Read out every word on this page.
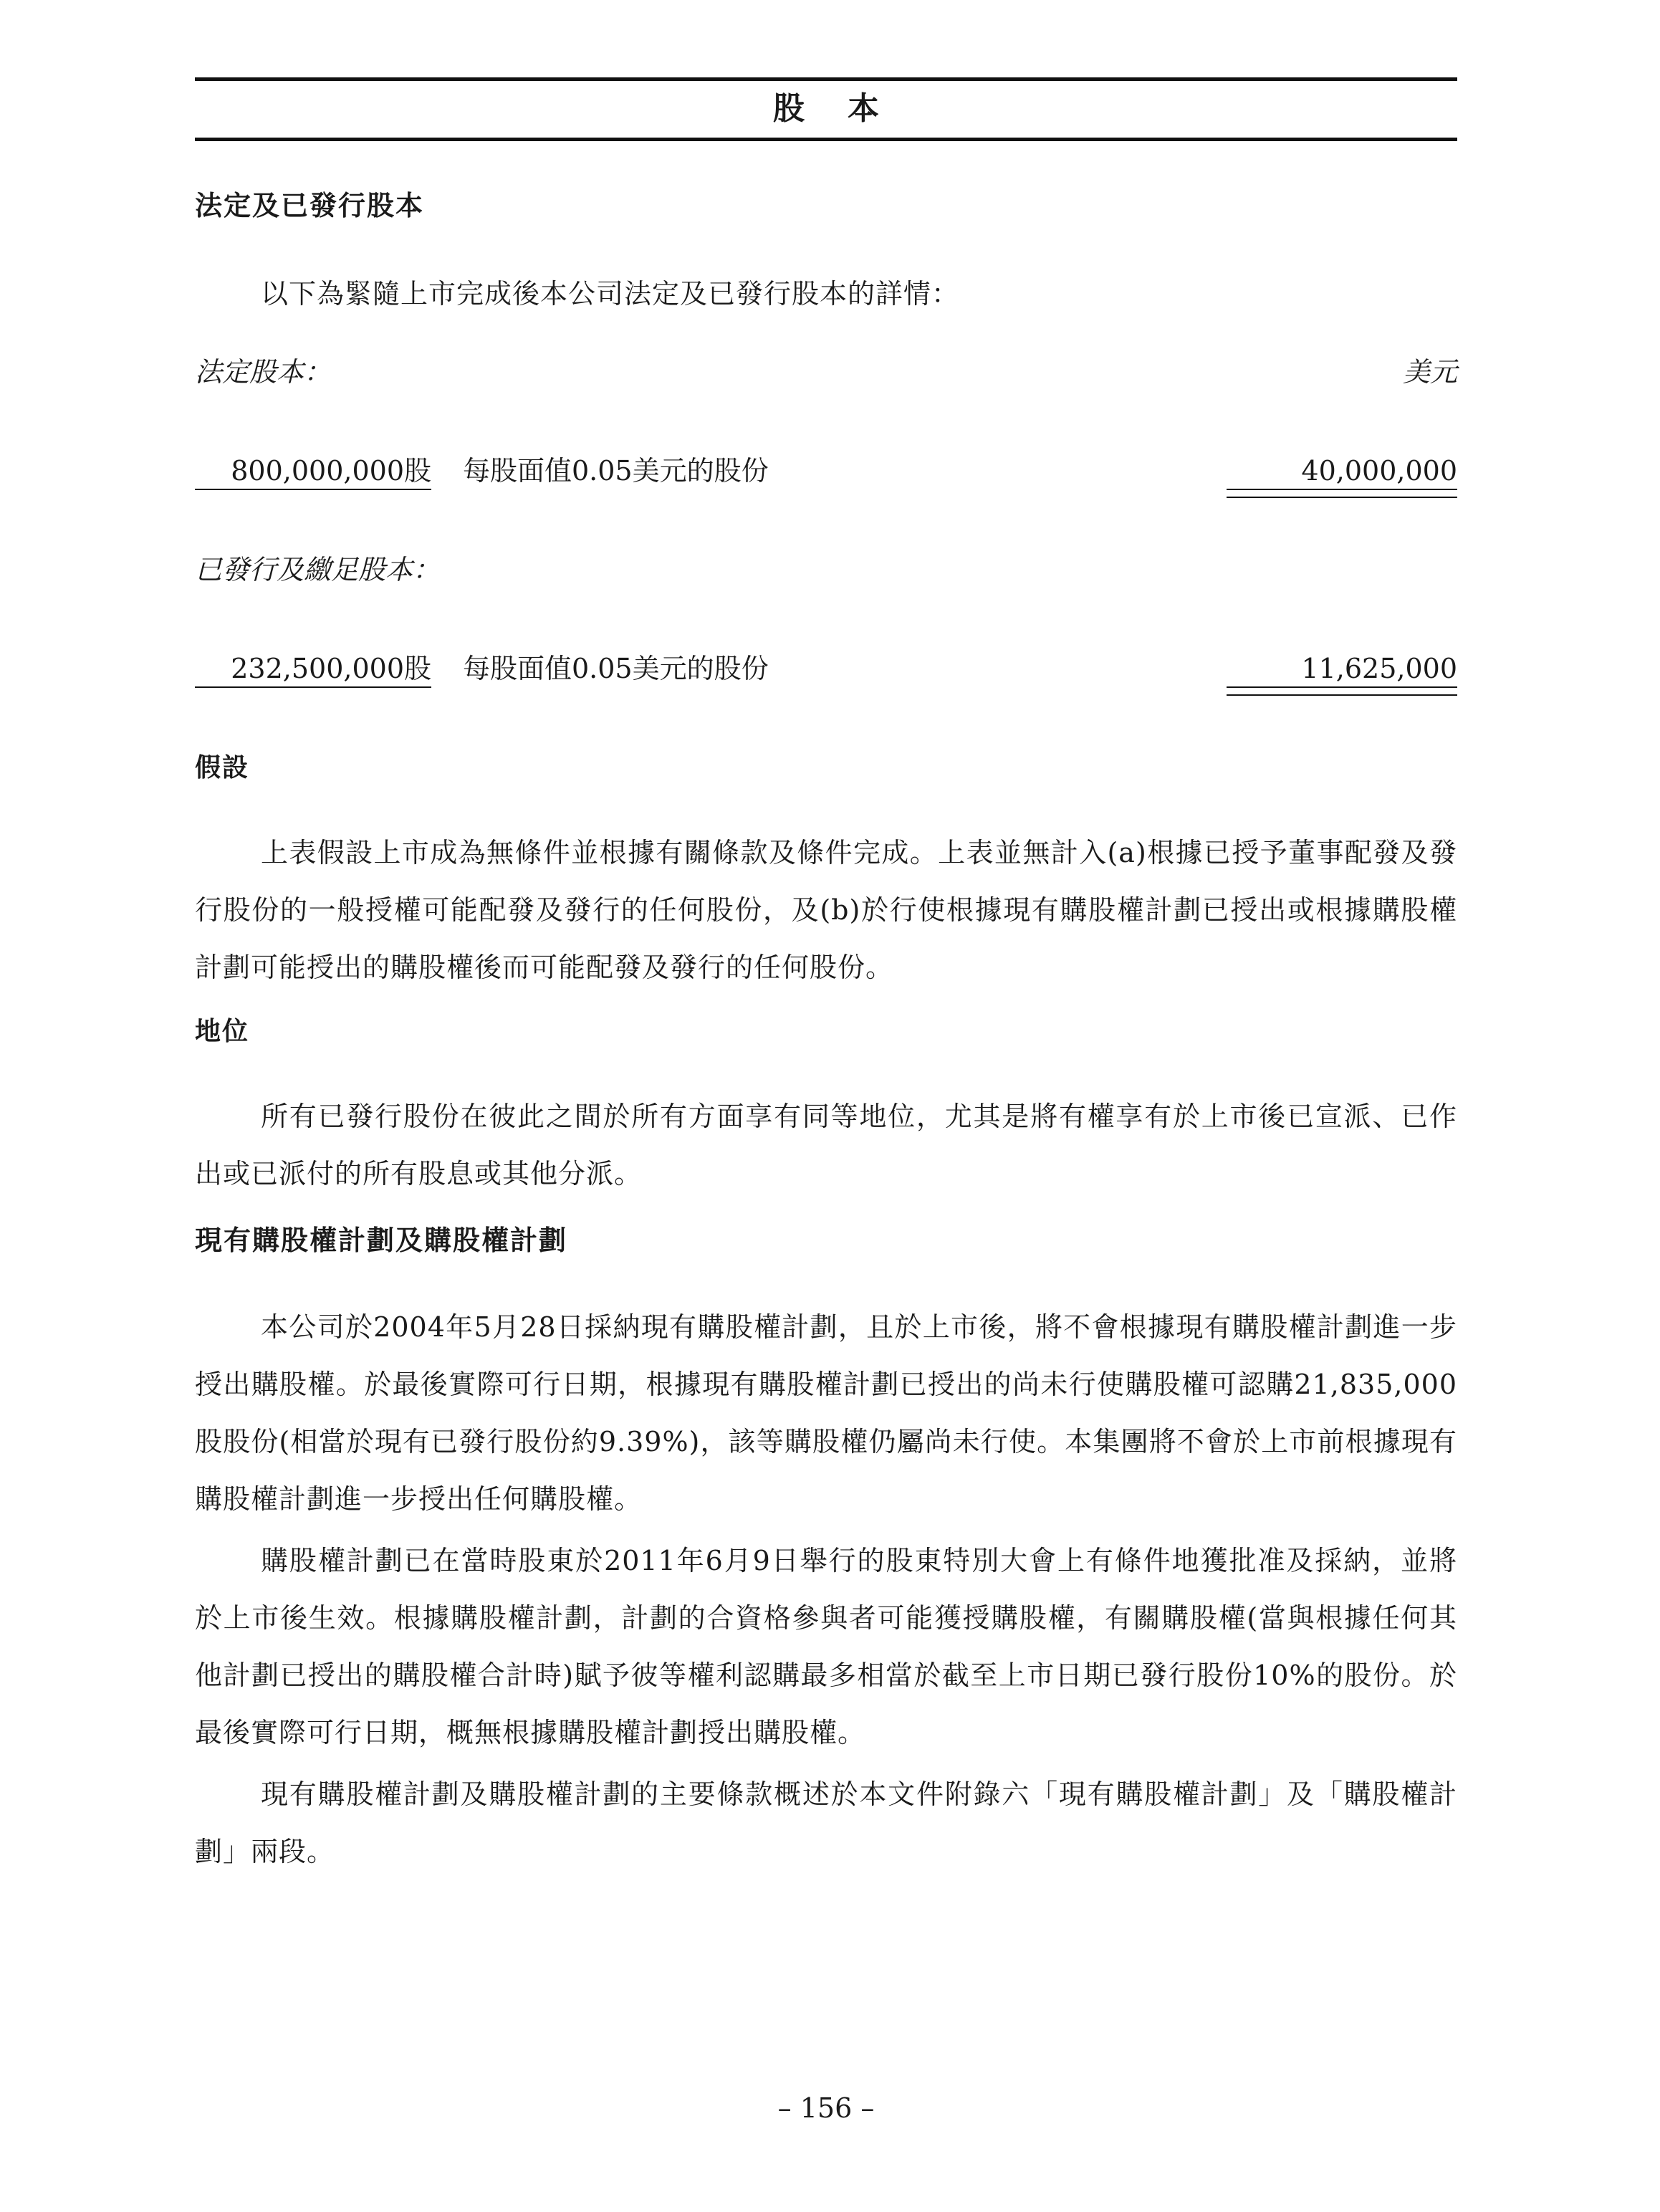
股本
法定及已發行股本

以下為緊隨上市完成後本公司法定及已發行股本的詳情：

法定股本：	美元
800,000,000股 每股面值0.05美元的股份	40,000,000
已發行及繳足股本：
232,500,000股 每股面值0.05美元的股份	11,625,000
假設

上表假設上市成為無條件並根據有關條款及條件完成。上表並無計入(a)根據已授予董事配發及發行股份的一般授權可能配發及發行的任何股份，及(b)於行使根據現有購股權計劃已授出或根據購股權計劃可能授出的購股權後而可能配發及發行的任何股份。

地位

所有已發行股份在彼此之間於所有方面享有同等地位，尤其是將有權享有於上市後已宣派、已作出或已派付的所有股息或其他分派。

現有購股權計劃及購股權計劃

本公司於2004年5月28日採納現有購股權計劃，且於上市後，將不會根據現有購股權計劃進一步授出購股權。於最後實際可行日期，根據現有購股權計劃已授出的尚未行使購股權可認購21,835,000股股份(相當於現有已發行股份約9.39%)，該等購股權仍屬尚未行使。本集團將不會於上市前根據現有購股權計劃進一步授出任何購股權。

購股權計劃已在當時股東於2011年6月9日舉行的股東特別大會上有條件地獲批准及採納，並將於上市後生效。根據購股權計劃，計劃的合資格參與者可能獲授購股權，有關購股權(當與根據任何其他計劃已授出的購股權合計時)賦予彼等權利認購最多相當於截至上市日期已發行股份10%的股份。於最後實際可行日期，概無根據購股權計劃授出購股權。

現有購股權計劃及購股權計劃的主要條款概述於本文件附錄六「現有購股權計劃」及「購股權計劃」兩段。

– 156 –
